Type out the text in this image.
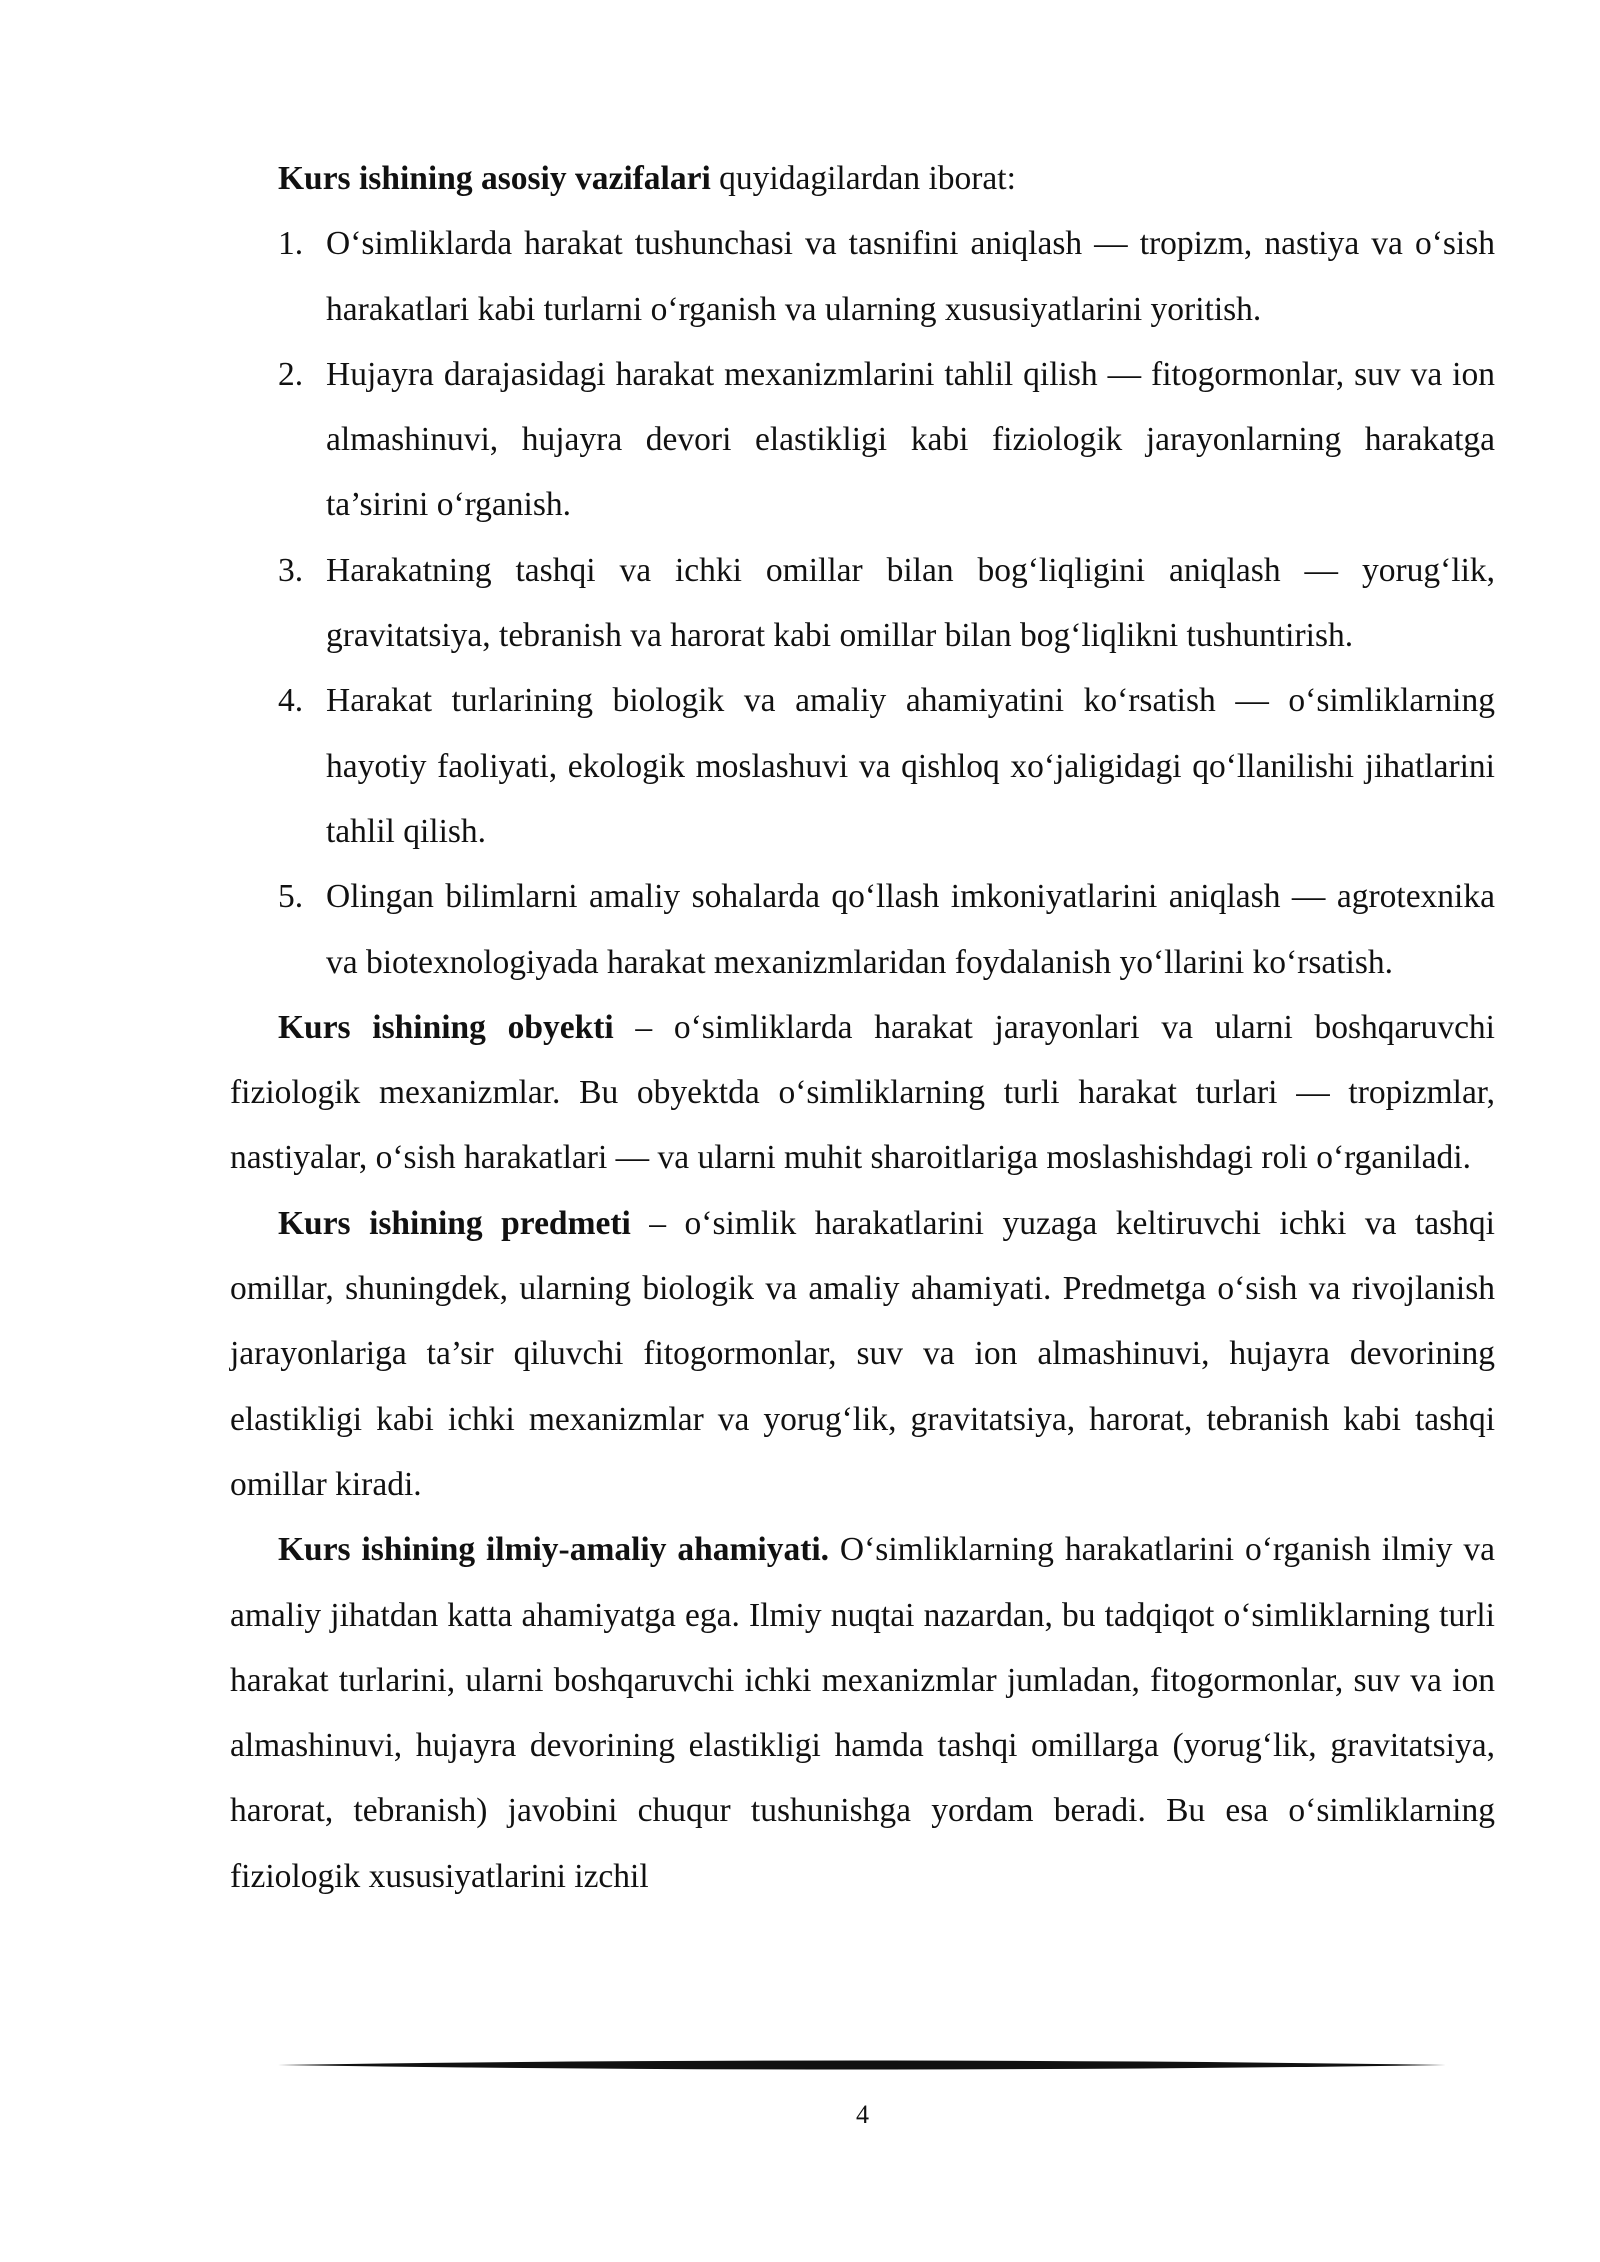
Kurs ishining asosiy vazifalari quyidagilardan iborat:

1. O‘simliklarda harakat tushunchasi va tasnifini aniqlash — tropizm, nastiya va o‘sish harakatlari kabi turlarni o‘rganish va ularning xususiyatlarini yoritish.
2. Hujayra darajasidagi harakat mexanizmlarini tahlil qilish — fitogormonlar, suv va ion almashinuvi, hujayra devori elastikligi kabi fiziologik jarayonlarning harakatga ta’sirini o‘rganish.
3. Harakatning tashqi va ichki omillar bilan bog‘liqligini aniqlash — yorug‘lik, gravitatsiya, tebranish va harorat kabi omillar bilan bog‘liqlikni tushuntirish.
4. Harakat turlarining biologik va amaliy ahamiyatini ko‘rsatish — o‘simliklarning hayotiy faoliyati, ekologik moslashuvi va qishloq xo‘jaligidagi qo‘llanilishi jihatlarini tahlil qilish.
5. Olingan bilimlarni amaliy sohalarda qo‘llash imkoniyatlarini aniqlash — agrotexnika va biotexnologiyada harakat mexanizmlaridan foydalanish yo‘llarini ko‘rsatish.

Kurs ishining obyekti – o‘simliklarda harakat jarayonlari va ularni boshqaruvchi fiziologik mexanizmlar. Bu obyektda o‘simliklarning turli harakat turlari — tropizmlar, nastiyalar, o‘sish harakatlari — va ularni muhit sharoitlariga moslashishdagi roli o‘rganiladi.

Kurs ishining predmeti – o‘simlik harakatlarini yuzaga keltiruvchi ichki va tashqi omillar, shuningdek, ularning biologik va amaliy ahamiyati. Predmetga o‘sish va rivojlanish jarayonlariga ta’sir qiluvchi fitogormonlar, suv va ion almashinuvi, hujayra devorining elastikligi kabi ichki mexanizmlar va yorug‘lik, gravitatsiya, harorat, tebranish kabi tashqi omillar kiradi.

Kurs ishining ilmiy-amaliy ahamiyati. O‘simliklarning harakatlarini o‘rganish ilmiy va amaliy jihatdan katta ahamiyatga ega. Ilmiy nuqtai nazardan, bu tadqiqot o‘simliklarning turli harakat turlarini, ularni boshqaruvchi ichki mexanizmlar jumladan, fitogormonlar, suv va ion almashinuvi, hujayra devorining elastikligi hamda tashqi omillarga (yorug‘lik, gravitatsiya, harorat, tebranish) javobini chuqur tushunishga yordam beradi. Bu esa o‘simliklarning fiziologik xususiyatlarini izchil

4
